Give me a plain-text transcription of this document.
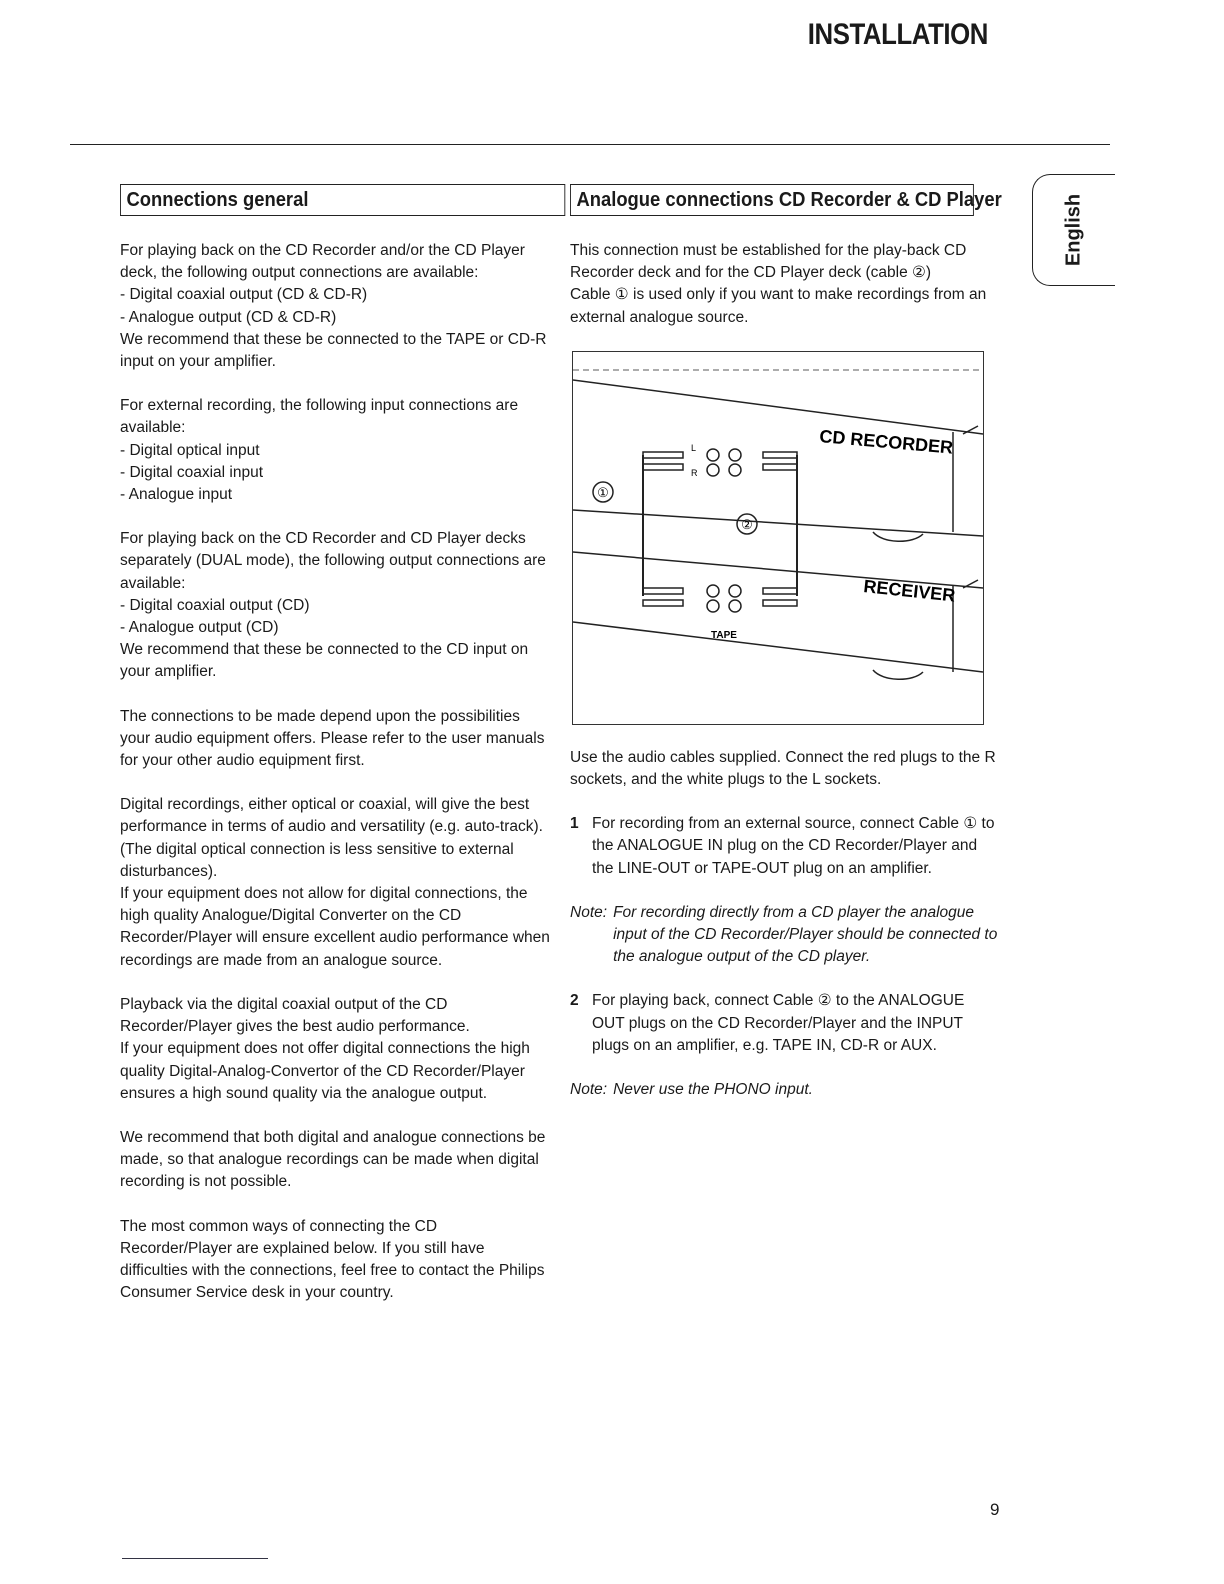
INSTALLATION
English
Connections general

For playing back on the CD Recorder and/or the CD Player deck, the following output connections are available:
- Digital coaxial output (CD & CD-R)
- Analogue output (CD & CD-R)
We recommend that these be connected to the TAPE or CD-R input on your amplifier.

For external recording, the following input connections are available:
- Digital optical input
- Digital coaxial input
- Analogue input

For playing back on the CD Recorder and CD Player decks separately (DUAL mode), the following output connections are available:
- Digital coaxial output (CD)
- Analogue output (CD)
We recommend that these be connected to the CD input on your amplifier.

The connections to be made depend upon the possibilities your audio equipment offers. Please refer to the user manuals for your other audio equipment first.

Digital recordings, either optical or coaxial, will give the best performance in terms of audio and versatility (e.g. auto-track). (The digital optical connection is less sensitive to external disturbances).
If your equipment does not allow for digital connections, the high quality Analogue/Digital Converter on the CD Recorder/Player will ensure excellent audio performance when recordings are made from an analogue source.

Playback via the digital coaxial output of the CD Recorder/Player gives the best audio performance.
If your equipment does not offer digital connections the high quality Digital-Analog-Convertor of the CD Recorder/Player ensures a high sound quality via the analogue output.

We recommend that both digital and analogue connections be made, so that analogue recordings can be made when digital recording is not possible.

The most common ways of connecting the CD Recorder/Player are explained below. If you still have difficulties with the connections, feel free to contact the Philips Consumer Service desk in your country.

Analogue connections CD Recorder & CD Player

This connection must be established for the play-back CD Recorder deck and for the CD Player deck (cable ②)

Cable ① is used only if you want to make recordings from an external analogue source.

CD RECORDER
RECEIVER
①
②
TAPE
L
R

Use the audio cables supplied. Connect the red plugs to the R sockets, and the white plugs to the L sockets.

1 For recording from an external source, connect Cable ① to the ANALOGUE IN plug on the CD Recorder/Player and the LINE-OUT or TAPE-OUT plug on an amplifier.
Note: For recording directly from a CD player the analogue input of the CD Recorder/Player should be connected to the analogue output of the CD player.
2 For playing back, connect Cable ② to the ANALOGUE OUT plugs on the CD Recorder/Player and the INPUT plugs on an amplifier, e.g. TAPE IN, CD-R or AUX.
Note: Never use the PHONO input.
9
